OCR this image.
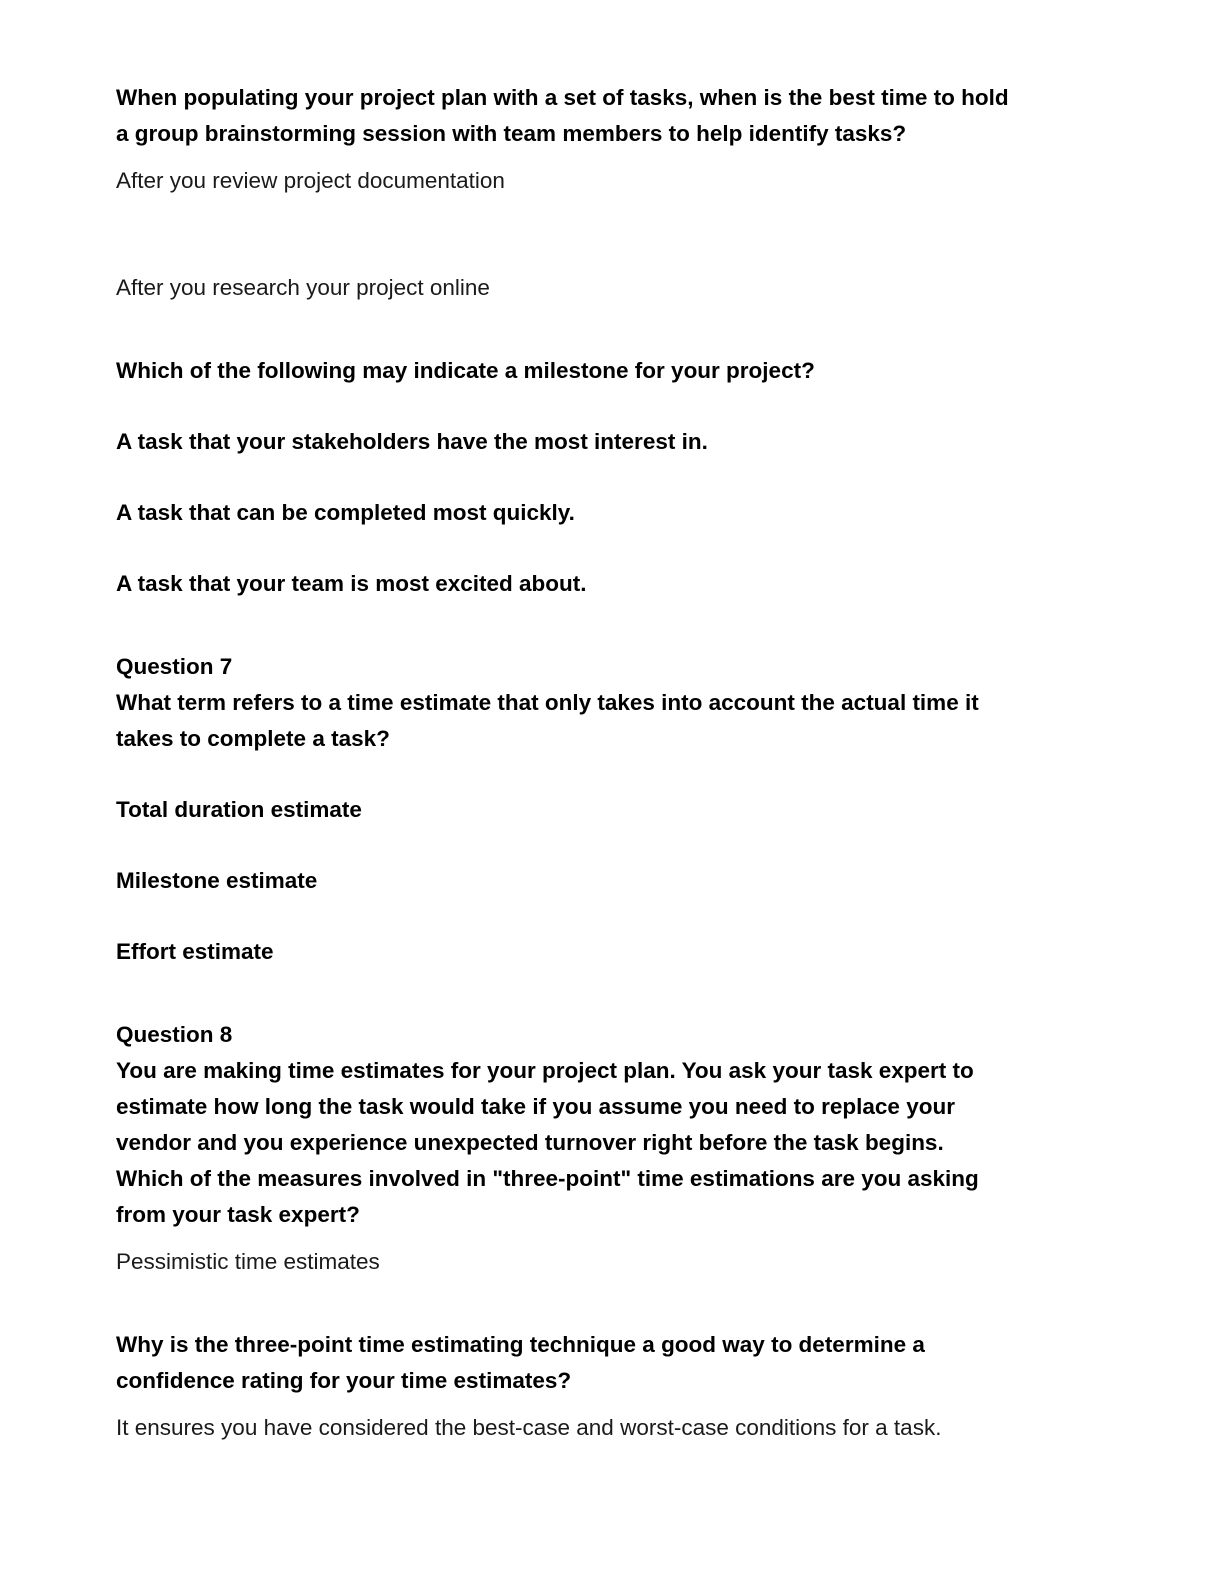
When populating your project plan with a set of tasks, when is the best time to hold

a group brainstorming session with team members to help identify tasks?

After you review project documentation

After you research your project online

Which of the following may indicate a milestone for your project?

A task that your stakeholders have the most interest in.

A task that can be completed most quickly.

A task that your team is most excited about.

Question 7

What term refers to a time estimate that only takes into account the actual time it

takes to complete a task?

Total duration estimate

Milestone estimate

Effort estimate

Question 8

You are making time estimates for your project plan. You ask your task expert to

estimate how long the task would take if you assume you need to replace your

vendor and you experience unexpected turnover right before the task begins.

Which of the measures involved in "three-point" time estimations are you asking

from your task expert?

Pessimistic time estimates

Why is the three-point time estimating technique a good way to determine a

confidence rating for your time estimates?

It ensures you have considered the best-case and worst-case conditions for a task.
